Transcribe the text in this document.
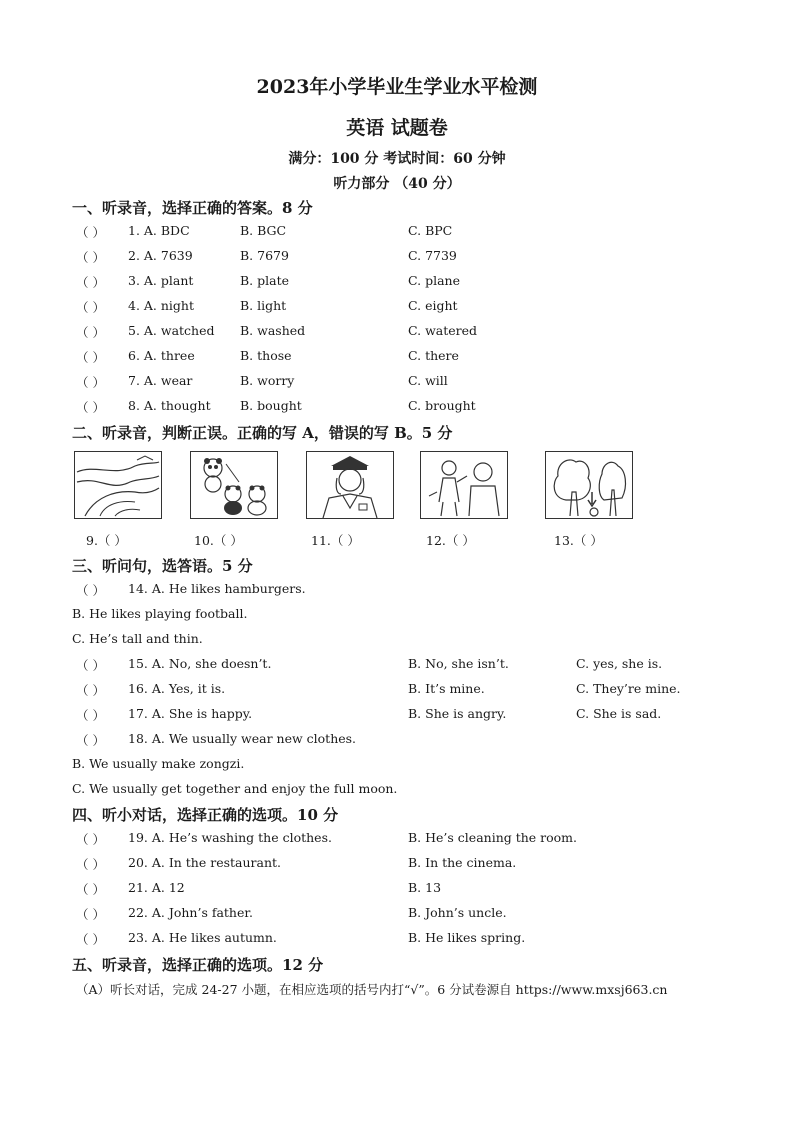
2023年小学毕业生学业水平检测
英语 试题卷
满分：100 分 考试时间：60 分钟
听力部分 （40 分）
一、听录音，选择正确的答案。8 分
（ ） 1. A. BDC	B. BGC	C. BPC
（ ） 2. A. 7639	B. 7679	C. 7739
（ ） 3. A. plant	B. plate	C. plane
（ ） 4. A. night	B. light	C. eight
（ ） 5. A. watched B. washed	C. watered
（ ） 6. A. three	B. those	C. there
（ ） 7. A. wear	B. worry	C. will
（ ） 8. A. thought B. bought	C. brought
二、听录音，判断正误。正确的写 A，错误的写 B。5 分
9.（ ）	10.（ ）	11.（ ）	12.（ ）	13.（ ）
三、听问句，选答语。5 分
（ ） 14. A. He likes hamburgers.
B. He likes playing football.
C. He’s tall and thin.
（ ） 15. A. No, she doesn’t.	B. No, she isn’t.	C. yes, she is.
（ ） 16. A. Yes, it is.	B. It’s mine.	C. They’re mine.
（ ） 17. A. She is happy.	B. She is angry.	C. She is sad.
（ ） 18. A. We usually wear new clothes.
B. We usually make zongzi.
C. We usually get together and enjoy the full moon.
四、听小对话，选择正确的选项。10 分
（ ） 19. A. He’s washing the clothes.	B. He’s cleaning the room.
（ ） 20. A. In the restaurant.	B. In the cinema.
（ ） 21. A. 12	B. 13
（ ） 22. A. John’s father.	B. John’s uncle.
（ ） 23. A. He likes autumn.	B. He likes spring.
五、听录音，选择正确的选项。12 分
（A）听长对话，完成 24-27 小题，在相应选项的括号内打“√”。6 分试卷源自 https://www.mxsj663.cn
